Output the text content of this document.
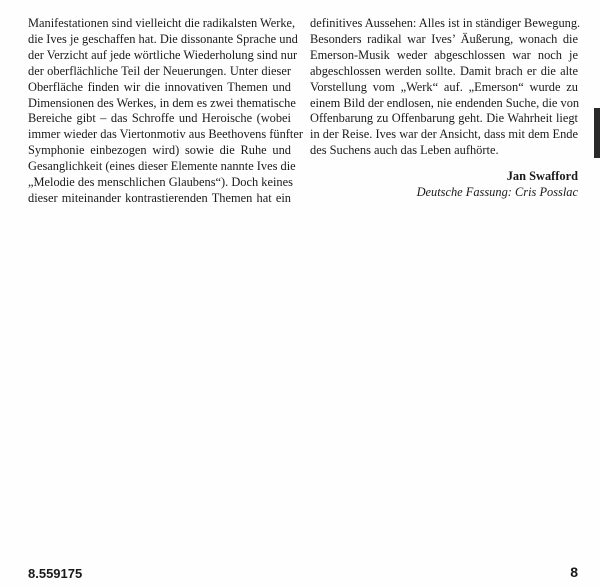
Manifestationen sind vielleicht die radikalsten Werke,
die Ives je geschaffen hat. Die dissonante Sprache und
der Verzicht auf jede wörtliche Wiederholung sind nur
der oberflächliche Teil der Neuerungen. Unter dieser
Oberfläche finden wir die innovativen Themen und
Dimensionen des Werkes, in dem es zwei thematische
Bereiche gibt – das Schroffe und Heroische (wobei
immer wieder das Viertonmotiv aus Beethovens fünfter
Symphonie einbezogen wird) sowie die Ruhe und
Gesanglichkeit (eines dieser Elemente nannte Ives die
„Melodie des menschlichen Glaubens“). Doch keines
dieser miteinander kontrastierenden Themen hat ein
definitives Aussehen: Alles ist in ständiger Bewegung.
Besonders radikal war Ives’ Äußerung, wonach die
Emerson-Musik weder abgeschlossen war noch je
abgeschlossen werden sollte. Damit brach er die alte
Vorstellung vom „Werk“ auf. „Emerson“ wurde zu
einem Bild der endlosen, nie endenden Suche, die von
Offenbarung zu Offenbarung geht. Die Wahrheit liegt
in der Reise. Ives war der Ansicht, dass mit dem Ende
des Suchens auch das Leben aufhörte.
Jan Swafford
Deutsche Fassung: Cris Posslac
8.559175	8
